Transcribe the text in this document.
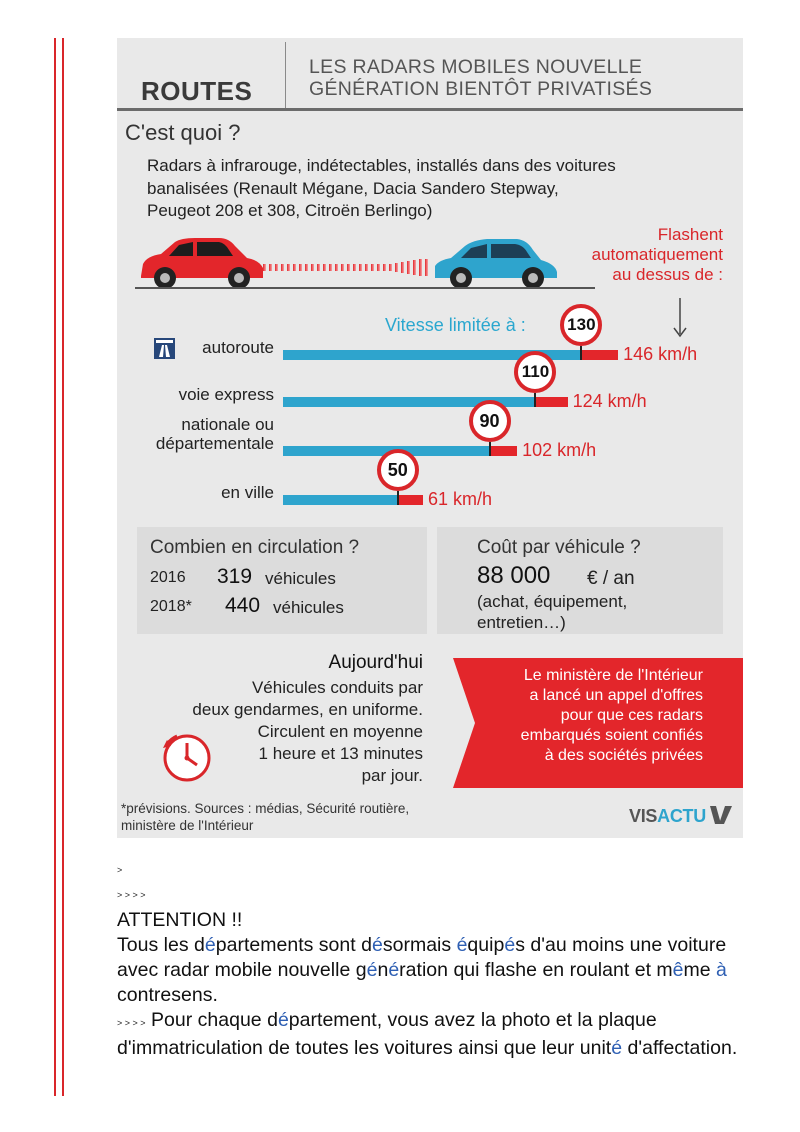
ROUTES
LES RADARS MOBILES NOUVELLE
GÉNÉRATION BIENTÔT PRIVATISÉS
C'est quoi ?
Radars à infrarouge, indétectables, installés dans des voitures
banalisées (Renault Mégane, Dacia Sandero Stepway,
Peugeot 208 et 308, Citroën Berlingo)
Flashent
automatiquement
au dessus de :
Vitesse limitée à :
autoroute
130
146 km/h
voie express
110
124 km/h
nationale ou
départementale
90
102 km/h
en ville
50
61 km/h
Combien en circulation ?
2016 319 véhicules
2018* 440 véhicules
Coût par véhicule ?
88 000 € / an
(achat, équipement,
entretien…)
Aujourd'hui
Véhicules conduits par
deux gendarmes, en uniforme.
Circulent en moyenne
1 heure et 13 minutes
par jour.
Le ministère de l'Intérieur
a lancé un appel d'offres
pour que ces radars
embarqués soient confiés
à des sociétés privées
*prévisions. Sources : médias, Sécurité routière,
ministère de l'Intérieur	VISACTU
>
> > > >
ATTENTION !!
Tous les départements sont désormais équipés d'au moins une voiture avec radar mobile nouvelle génération qui flashe en roulant et même à contresens.
> > > > Pour chaque département, vous avez la photo et la plaque d'immatriculation de toutes les voitures ainsi que leur unité d'affectation.
